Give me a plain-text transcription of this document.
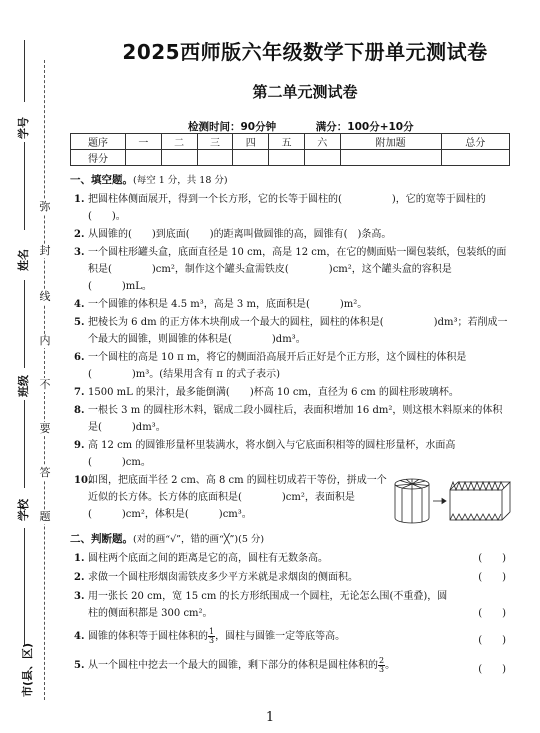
学号
姓名
班级
学校
市(县、区)
弥
封
线
内
不
要
答
题
2025西师版六年级数学下册单元测试卷
第二单元测试卷
检测时间：90分钟	满分：100分+10分
题序	一	二	三	四	五	六	附加题	总分
得分								
一、填空题。(每空 1 分，共 18 分)
1. 把圆柱体侧面展开，得到一个长方形，它的长等于圆柱的(　　　　　)，它的宽等于圆柱的(　　)。
2. 从圆锥的(　　)到底面(　　)的距离叫做圆锥的高，圆锥有(　)条高。
3. 一个圆柱形罐头盒，底面直径是 10 cm，高是 12 cm，在它的侧面贴一圈包装纸，包装纸的面积是(　　　　)cm²，制作这个罐头盒需铁皮(　　　　)cm²，这个罐头盒的容积是(　　　)mL。
4. 一个圆锥的体积是 4.5 m³，高是 3 m，底面积是(　　　)m²。
5. 把棱长为 6 dm 的正方体木块削成一个最大的圆柱，圆柱的体积是(　　　　　)dm³；若削成一个最大的圆锥，则圆锥的体积是(　　　　)dm³。
6. 一个圆柱的高是 10 π m，将它的侧面沿高展开后正好是个正方形，这个圆柱的体积是(　　　　)m³。(结果用含有 π 的式子表示)
7. 1500 mL 的果汁，最多能倒满(　　)杯高 10 cm，直径为 6 cm 的圆柱形玻璃杯。
8. 一根长 3 m 的圆柱形木料，锯成二段小圆柱后，表面积增加 16 dm²，则这根木料原来的体积是(　　　)dm³。
9. 高 12 cm 的圆锥形量杯里装满水，将水倒入与它底面积相等的圆柱形量杯，水面高(　　　)cm。
10.
如图，把底面半径 2 cm、高 8 cm 的圆柱切成若干等份，拼成一个近似的长方体。长方体的底面积是(　　　　)cm²，表面积是(　　　)cm²，体积是(　　　)cm³。
二、判断题。(对的画“√”，错的画“╳”)(5 分)
1. 圆柱两个底面之间的距离是它的高，圆柱有无数条高。	(　　)
2. 求做一个圆柱形烟囱需铁皮多少平方米就是求烟囱的侧面积。	(　　)
3. 用一张长 20 cm，宽 15 cm 的长方形纸围成一个圆柱，无论怎么围(不重叠)，圆柱的侧面积都是 300 cm²。	(　　)
4. 圆锥的体积等于圆柱体积的 $\frac{1}{3}$ ，圆柱与圆锥一定等底等高。	(　　)
5. 从一个圆柱中挖去一个最大的圆锥，剩下部分的体积是圆柱体积的 $\frac{2}{3}$ 。	(　　)
1
